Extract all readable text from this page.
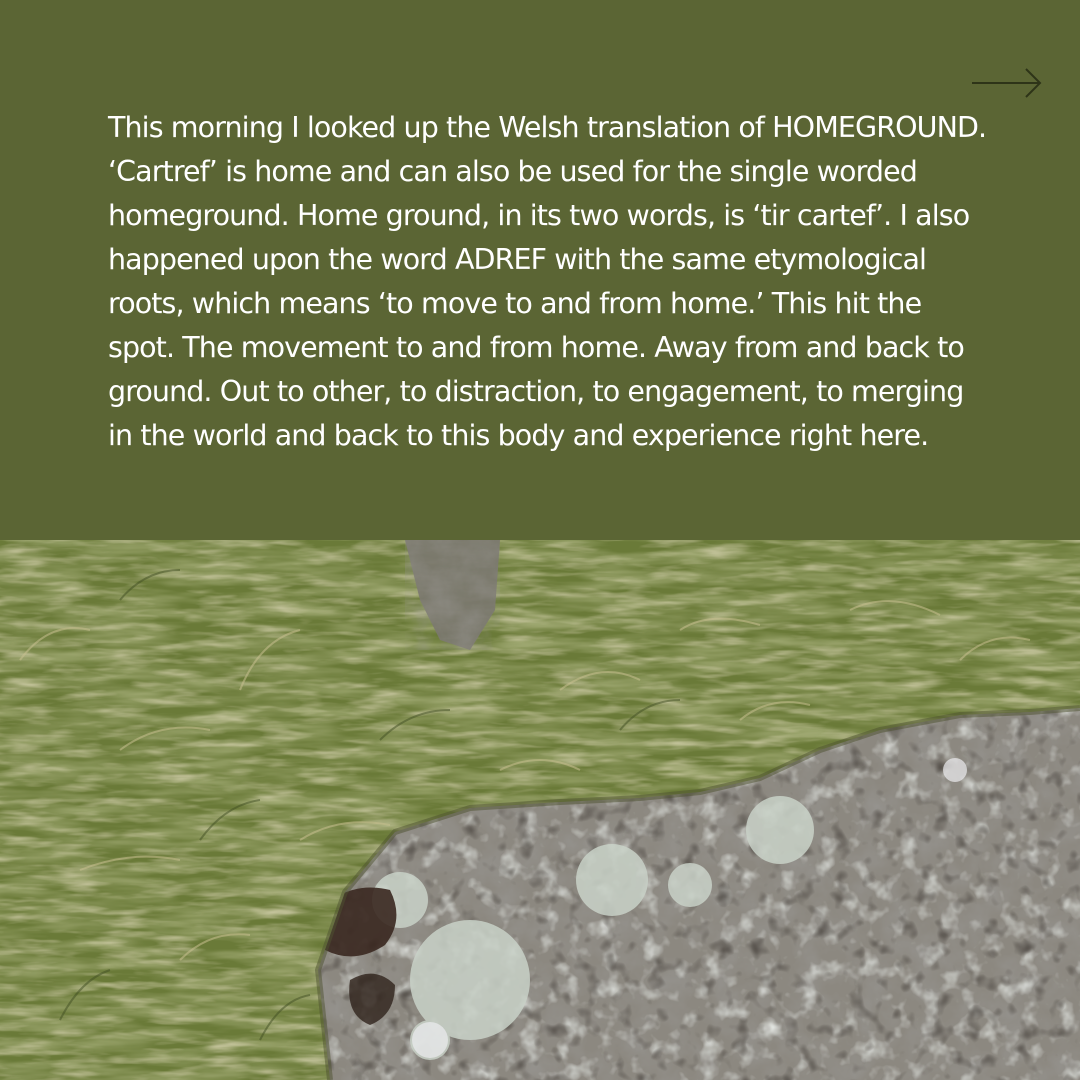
This morning I looked up the Welsh translation of HOMEGROUND. ‘Cartref’ is home and can also be used for the single worded homeground. Home ground, in its two words, is ‘tir cartef’. I also happened upon the word ADREF with the same etymological roots, which means ‘to move to and from home.’ This hit the spot. The movement to and from home. Away from and back to ground. Out to other, to distraction, to engagement, to merging in the world and back to this body and experience right here.
